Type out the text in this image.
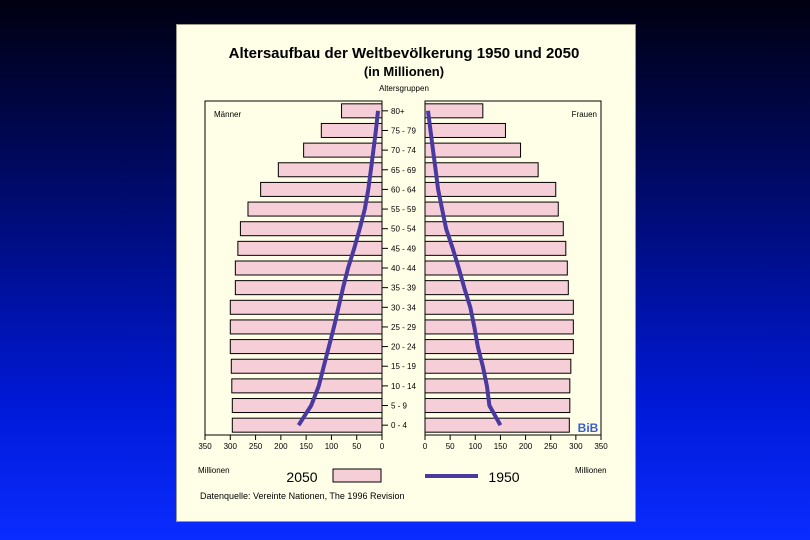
Altersaufbau der Weltbevölkerung 1950 und 2050
(in Millionen)
Altersgruppen
Männer	Frauen
80+
75 - 79
70 - 74
65 - 69
60 - 64
55 - 59
50 - 54
45 - 49
40 - 44
35 - 39
30 - 34
25 - 29
20 - 24
15 - 19
10 - 14
5 - 9
0 - 4
350 300 250 200 150 100 50 0	0 50 100 150 200 250 300 350
Millionen	Millionen
2050	1950
Datenquelle: Vereinte Nationen, The 1996 Revision
BiB
